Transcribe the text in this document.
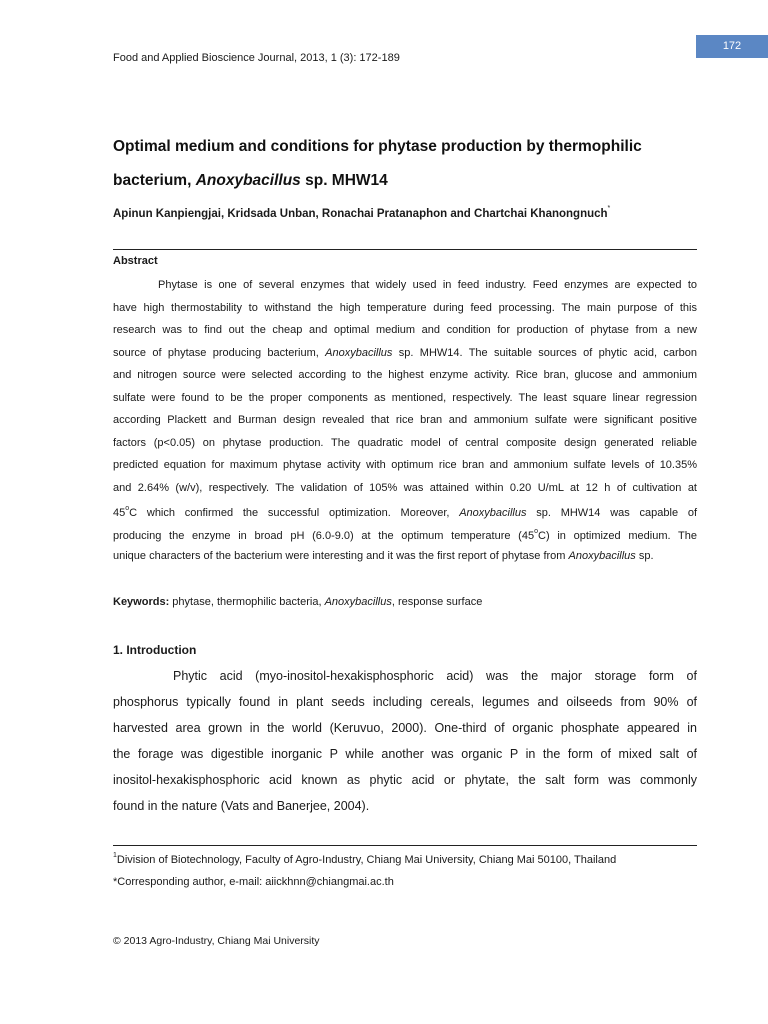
172
Food and Applied Bioscience Journal, 2013, 1 (3): 172-189
Optimal medium and conditions for phytase production by thermophilic
bacterium, Anoxybacillus sp. MHW14
Apinun Kanpiengjai, Kridsada Unban, Ronachai Pratanaphon and Chartchai Khanongnuch*
Abstract
Phytase is one of several enzymes that widely used in feed industry. Feed enzymes are expected to
have high thermostability to withstand the high temperature during feed processing. The main purpose of this
research was to find out the cheap and optimal medium and condition for production of phytase from a new
source of phytase producing bacterium, Anoxybacillus sp. MHW14. The suitable sources of phytic acid, carbon
and nitrogen source were selected according to the highest enzyme activity. Rice bran, glucose and ammonium
sulfate were found to be the proper components as mentioned, respectively. The least square linear regression
according Plackett and Burman design revealed that rice bran and ammonium sulfate were significant positive
factors (p<0.05) on phytase production. The quadratic model of central composite design generated reliable
predicted equation for maximum phytase activity with optimum rice bran and ammonium sulfate levels of 10.35%
and 2.64% (w/v), respectively. The validation of 105% was attained within 0.20 U/mL at 12 h of cultivation at
45$^o$C which confirmed the successful optimization. Moreover, Anoxybacillus sp. MHW14 was capable of
producing the enzyme in broad pH (6.0-9.0) at the optimum temperature (45$^o$C) in optimized medium. The
unique characters of the bacterium were interesting and it was the first report of phytase from Anoxybacillus sp.
Keywords: phytase, thermophilic bacteria, Anoxybacillus, response surface
1. Introduction
Phytic acid (myo-inositol-hexakisphosphoric acid) was the major storage form of
phosphorus typically found in plant seeds including cereals, legumes and oilseeds from 90% of
harvested area grown in the world (Keruvuo, 2000). One-third of organic phosphate appeared in
the forage was digestible inorganic P while another was organic P in the form of mixed salt of
inositol-hexakisphosphoric acid known as phytic acid or phytate, the salt form was commonly
found in the nature (Vats and Banerjee, 2004).
$^1$Division of Biotechnology, Faculty of Agro-Industry, Chiang Mai University, Chiang Mai 50100, Thailand
*Corresponding author, e-mail: aiickhnn@chiangmai.ac.th
© 2013 Agro-Industry, Chiang Mai University
